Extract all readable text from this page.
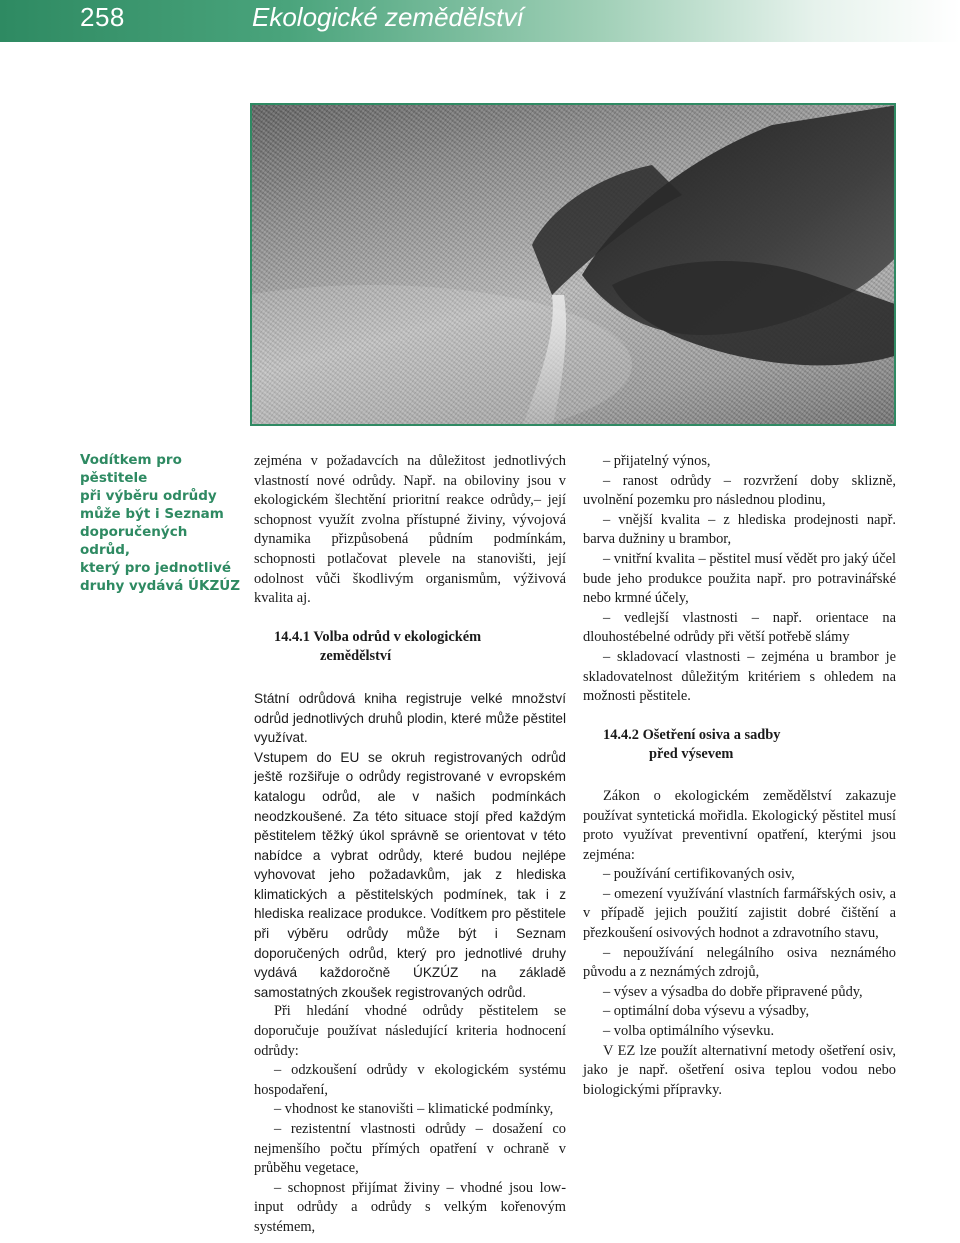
258	Ekologické zemědělství
Vodítkem pro pěstitele
při výběru odrůdy
může být i Seznam
doporučených odrůd,
který pro jednotlivé
druhy vydává ÚKZÚZ

zejména v požadavcích na důležitost jednotlivých vlastností nové odrůdy. Např. na obiloviny jsou v ekologickém šlechtění prioritní reakce odrůdy,– její schopnost využít zvolna přístupné živiny, vývojová dynamika přizpůsobená půdním podmínkám, schopnosti potlačovat plevele na stanovišti, její odolnost vůči škodlivým organismům, výživová kvalita aj.

14.4.1 Volba odrůd v ekologickém
zemědělství

Státní odrůdová kniha registruje velké množství odrůd jednotlivých druhů plodin, které může pěstitel využívat.

Vstupem do EU se okruh registrovaných odrůd ještě rozšiřuje o odrůdy registrované v evropském katalogu odrůd, ale v našich podmínkách neodzkoušené. Za této situace stojí před každým pěstitelem těžký úkol správně se orientovat v této nabídce a vybrat odrůdy, které budou nejlépe vyhovovat jeho požadavkům, jak z hlediska klimatických a pěstitelských podmínek, tak i z hlediska realizace produkce. Vodítkem pro pěstitele při výběru odrůdy může být i Seznam doporučených odrůd, který pro jednotlivé druhy vydává každoročně ÚKZÚZ na základě samostatných zkoušek registrovaných odrůd.

Při hledání vhodné odrůdy pěstitelem se doporučuje používat následující kriteria hodnocení odrůdy:

– odzkoušení odrůdy v ekologickém systému hospodaření,

– vhodnost ke stanovišti – klimatické podmínky,

– rezistentní vlastnosti odrůdy – dosažení co nejmenšího počtu přímých opatření v ochraně v průběhu vegetace,

– schopnost přijímat živiny – vhodné jsou low-input odrůdy a odrůdy s velkým kořenovým systémem,

– přijatelný výnos,

– ranost odrůdy – rozvržení doby sklizně, uvolnění pozemku pro následnou plodinu,

– vnější kvalita – z hlediska prodejnosti např. barva dužniny u brambor,

– vnitřní kvalita – pěstitel musí vědět pro jaký účel bude jeho produkce použita např. pro potravinářské nebo krmné účely,

– vedlejší vlastnosti – např. orientace na dlouhostébelné odrůdy při větší potřebě slámy

– skladovací vlastnosti – zejména u brambor je skladovatelnost důležitým kritériem s ohledem na možnosti pěstitele.

14.4.2 Ošetření osiva a sadby
před výsevem

Zákon o ekologickém zemědělství zakazuje používat syntetická mořidla. Ekologický pěstitel musí proto využívat preventivní opatření, kterými jsou zejména:

– používání certifikovaných osiv,

– omezení využívání vlastních farmářských osiv, a v případě jejich použití zajistit dobré čištění a přezkoušení osivových hodnot a zdravotního stavu,

– nepoužívání nelegálního osiva neznámého původu a z neznámých zdrojů,

– výsev a výsadba do dobře připravené půdy,

– optimální doba výsevu a výsadby,

– volba optimálního výsevku.

V EZ lze použít alternativní metody ošetření osiv, jako je např. ošetření osiva teplou vodou nebo biologickými přípravky.
